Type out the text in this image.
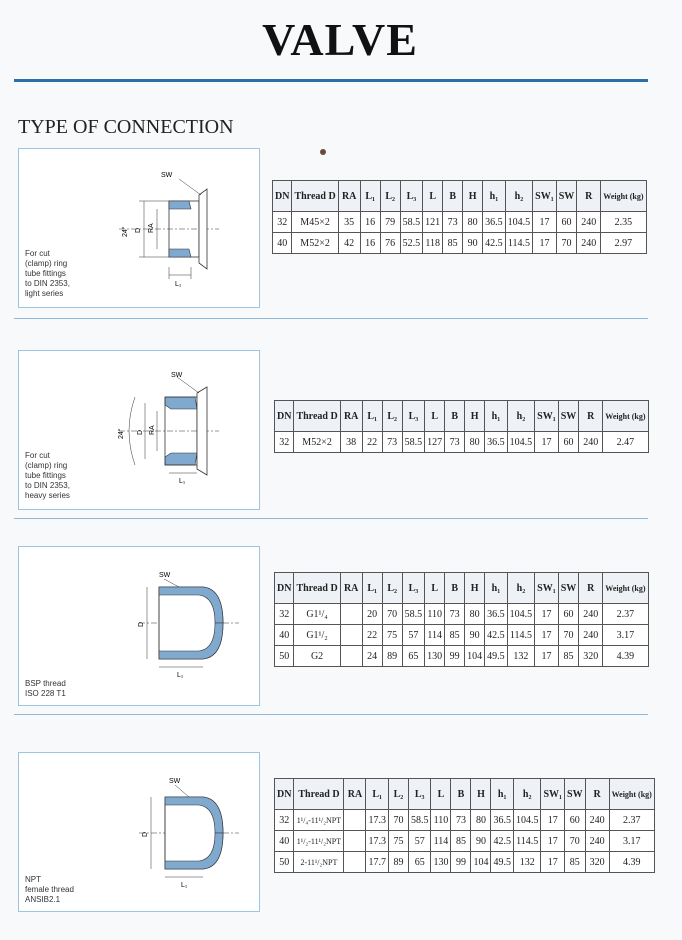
VALVE
TYPE OF CONNECTION
SW
D RA
24°
L₁
For cut
(clamp) ring
tube fittings
to DIN 2353,
light series
DN	Thread D	RA	L₁	L₂	L₃	L	B	H	h₁	h₂	SW₁	SW	R	Weight (kg)
32	M45×2	35	16	79	58.5	121	73	80	36.5	104.5	17	60	240	2.35
40	M52×2	42	16	76	52.5	118	85	90	42.5	114.5	17	70	240	2.97
SW
D RA
24°
L₁
For cut
(clamp) ring
tube fittings
to DIN 2353,
heavy series
DN	Thread D	RA	L₁	L₂	L₃	L	B	H	h₁	h₂	SW₁	SW	R	Weight (kg)
32	M52×2	38	22	73	58.5	127	73	80	36.5	104.5	17	60	240	2.47
SW
D
L₁
BSP thread
ISO 228 T1
DN	Thread D	RA	L₁	L₂	L₃	L	B	H	h₁	h₂	SW₁	SW	R	Weight (kg)
32	G1¹/₄		20	70	58.5	110	73	80	36.5	104.5	17	60	240	2.37
40	G1¹/₂		22	75	57	114	85	90	42.5	114.5	17	70	240	3.17
50	G2		24	89	65	130	99	104	49.5	132	17	85	320	4.39
SW
D
L₁
NPT
female thread
ANSIB2.1
DN	Thread D	RA	L₁	L₂	L₃	L	B	H	h₁	h₂	SW₁	SW	R	Weight (kg)
32	1¹/₄-11¹/₂NPT		17.3	70	58.5	110	73	80	36.5	104.5	17	60	240	2.37
40	1¹/₂-11¹/₂NPT		17.3	75	57	114	85	90	42.5	114.5	17	70	240	3.17
50	2-11¹/₂NPT		17.7	89	65	130	99	104	49.5	132	17	85	320	4.39
